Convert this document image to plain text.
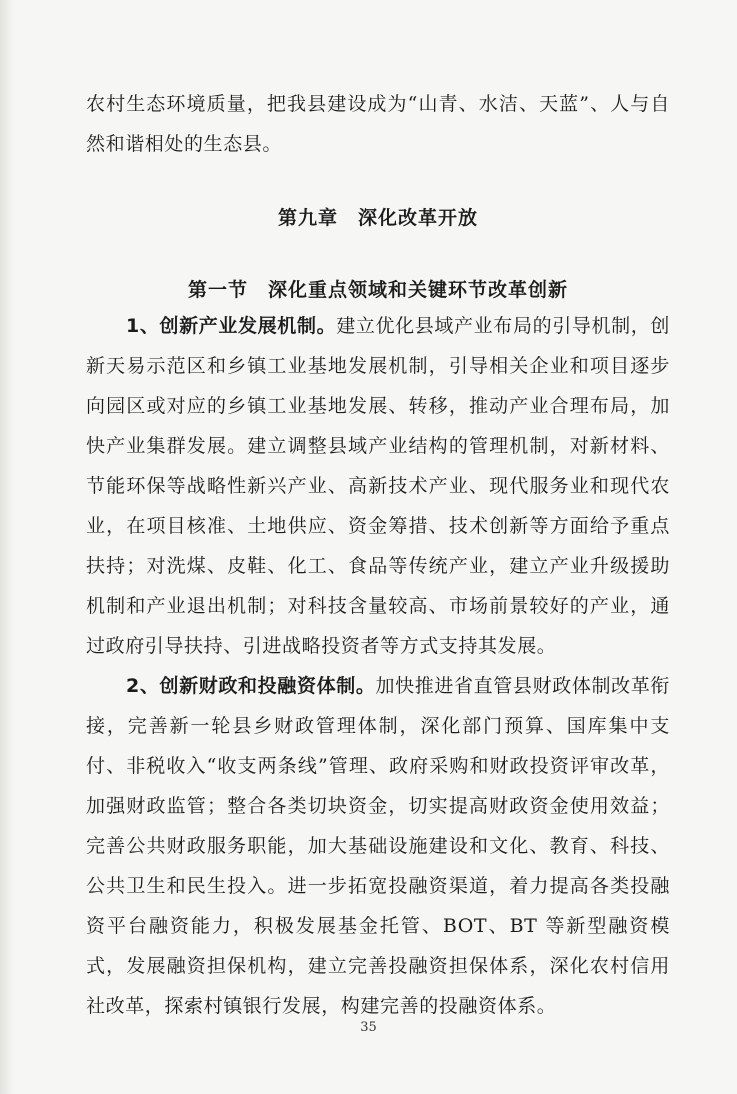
农村生态环境质量，把我县建设成为“山青、水洁、天蓝”、人与自然和谐相处的生态县。

第九章　深化改革开放
第一节　深化重点领域和关键环节改革创新

1、创新产业发展机制。建立优化县域产业布局的引导机制，创新天易示范区和乡镇工业基地发展机制，引导相关企业和项目逐步向园区或对应的乡镇工业基地发展、转移，推动产业合理布局，加快产业集群发展。建立调整县域产业结构的管理机制，对新材料、节能环保等战略性新兴产业、高新技术产业、现代服务业和现代农业，在项目核准、土地供应、资金筹措、技术创新等方面给予重点扶持；对洗煤、皮鞋、化工、食品等传统产业，建立产业升级援助机制和产业退出机制；对科技含量较高、市场前景较好的产业，通过政府引导扶持、引进战略投资者等方式支持其发展。

2、创新财政和投融资体制。加快推进省直管县财政体制改革衔接，完善新一轮县乡财政管理体制，深化部门预算、国库集中支付、非税收入“收支两条线”管理、政府采购和财政投资评审改革，加强财政监管；整合各类切块资金，切实提高财政资金使用效益；完善公共财政服务职能，加大基础设施建设和文化、教育、科技、公共卫生和民生投入。进一步拓宽投融资渠道，着力提高各类投融资平台融资能力，积极发展基金托管、BOT、BT 等新型融资模式，发展融资担保机构，建立完善投融资担保体系，深化农村信用社改革，探索村镇银行发展，构建完善的投融资体系。

35
